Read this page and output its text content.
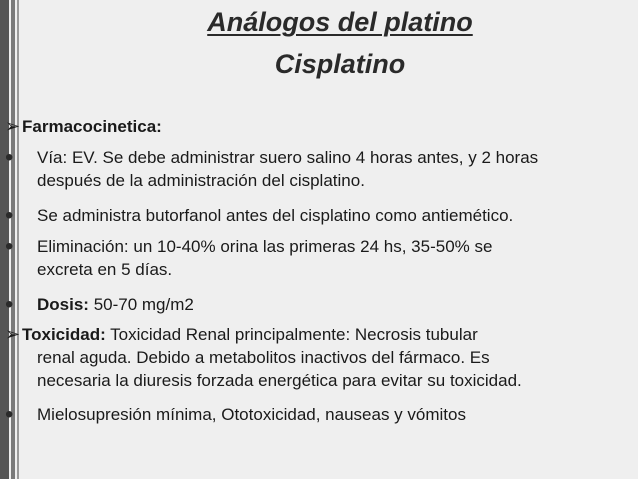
Análogos del platino
Cisplatino
➢ Farmacocinetica:
• Vía: EV. Se debe administrar suero salino 4 horas antes, y 2 horas
después de la administración del cisplatino.
• Se administra butorfanol antes del cisplatino como antiemético.
• Eliminación: un 10-40% orina las primeras 24 hs, 35-50% se
excreta en 5 días.
• Dosis: 50-70 mg/m2
➢ Toxicidad: Toxicidad Renal principalmente: Necrosis tubular
renal aguda. Debido a metabolitos inactivos del fármaco. Es
necesaria la diuresis forzada energética para evitar su toxicidad.
• Mielosupresión mínima, Ototoxicidad, nauseas y vómitos
